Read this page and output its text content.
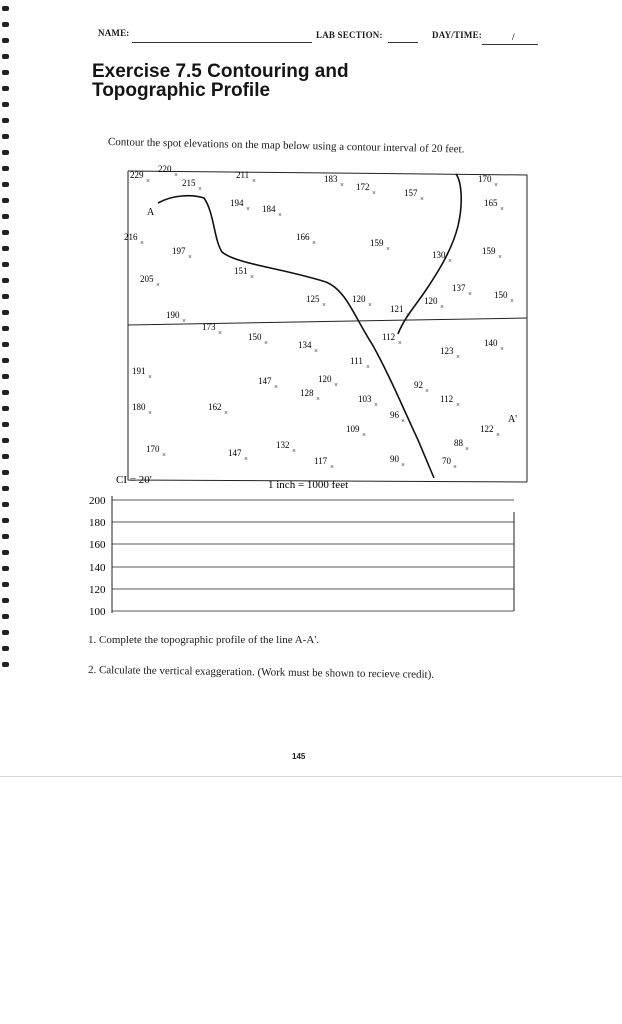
NAME:	LAB SECTION:	DAY/TIME:	/
Exercise 7.5 Contouring and
Topographic Profile
Contour the spot elevations on the map below using a contour interval of 20 feet.
229
×
220
×
215
×
211
×	183
× 172
×	157
×
170
×
165
×
194
× 184
×
216
×
166
×	159
×
130
×
159
×
197
×
151
×
205
×	137
× 150
×
125
×
120
× 121
×
120
×
190
×
173
×	150
×	134
×
112
×
123
×
140
×
111
×
191
×	147
×
120
×	92
×
128
×	103
×
112
×
180
×
162
×	96
×
122
×
109
×
88
×
170
×	147
×
132
×
117
×
90
×	70
×
A
A'
CI = 20'	1 inch = 1000 feet
200
180
160
140
120
100
1. Complete the topographic profile of the line A-A'.
2. Calculate the vertical exaggeration. (Work must be shown to recieve credit).
145
